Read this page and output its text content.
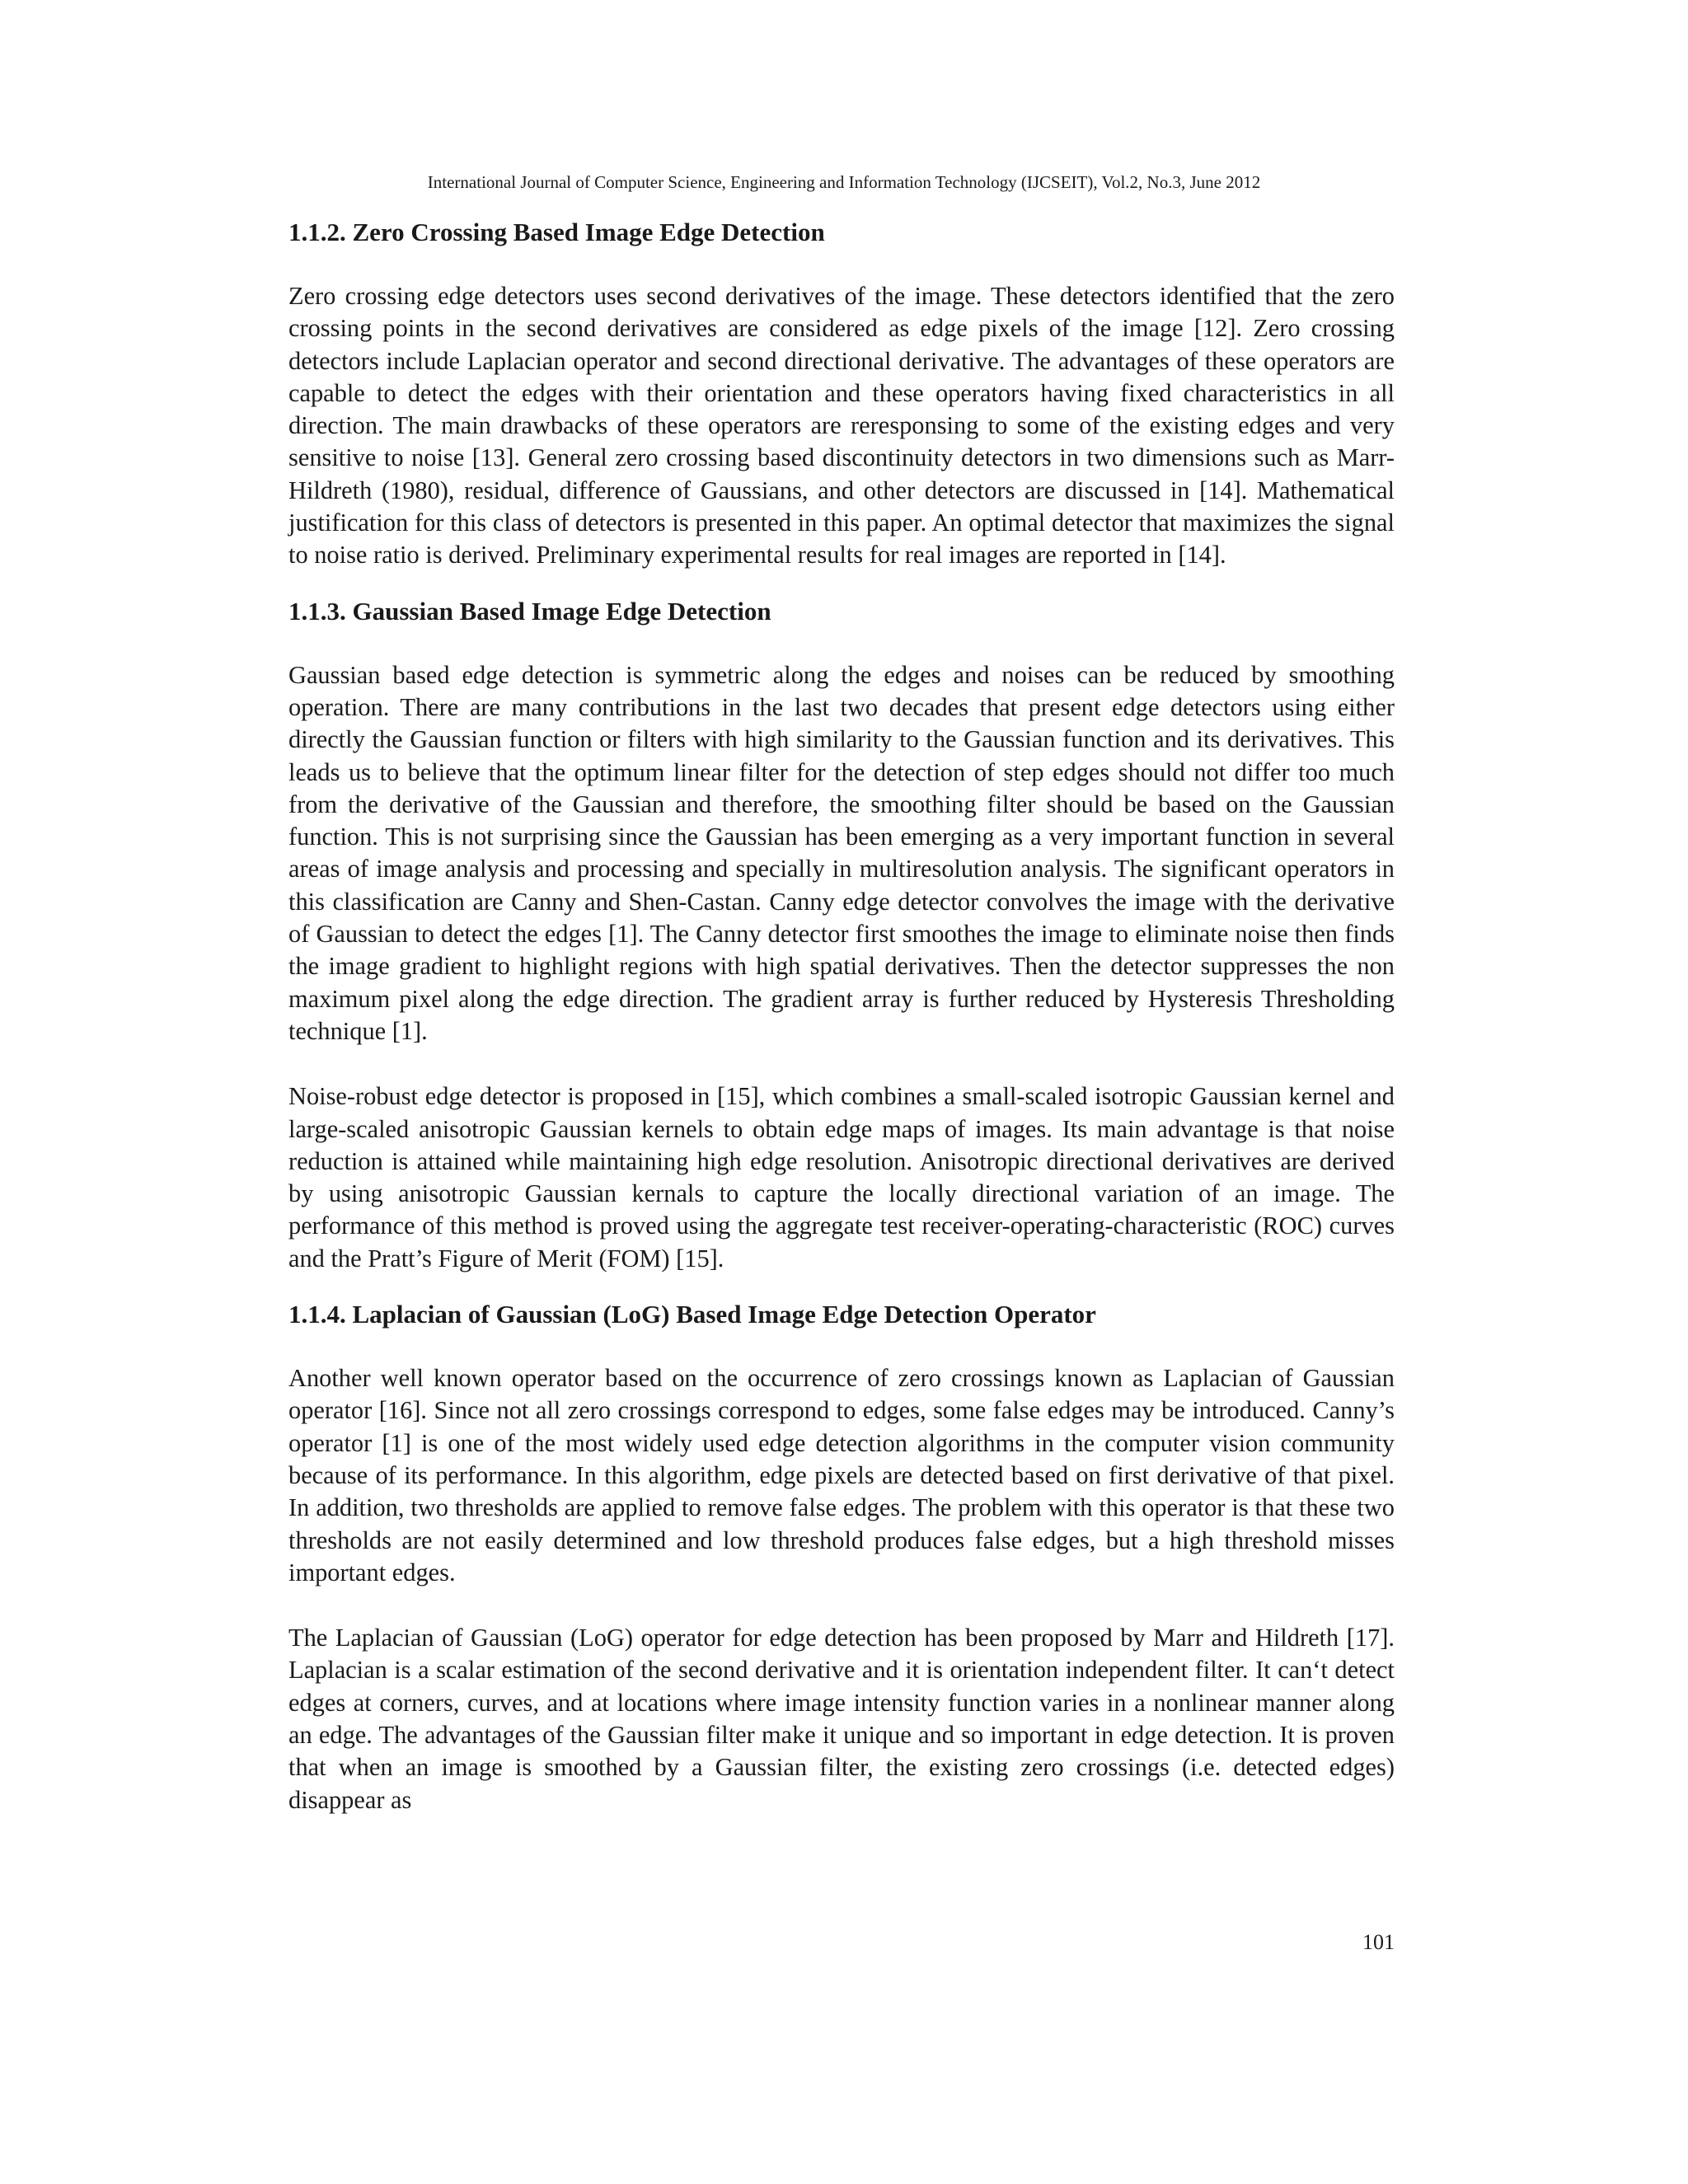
International Journal of Computer Science, Engineering and Information Technology (IJCSEIT), Vol.2, No.3, June 2012
1.1.2. Zero Crossing Based Image Edge Detection

Zero crossing edge detectors uses second derivatives of the image. These detectors identified that the zero crossing points in the second derivatives are considered as edge pixels of the image [12]. Zero crossing detectors include Laplacian operator and second directional derivative. The advantages of these operators are capable to detect the edges with their orientation and these operators having fixed characteristics in all direction. The main drawbacks of these operators are reresponsing to some of the existing edges and very sensitive to noise [13]. General zero crossing based discontinuity detectors in two dimensions such as Marr-Hildreth (1980), residual, difference of Gaussians, and other detectors are discussed in [14]. Mathematical justification for this class of detectors is presented in this paper. An optimal detector that maximizes the signal to noise ratio is derived. Preliminary experimental results for real images are reported in [14].

1.1.3. Gaussian Based Image Edge Detection

Gaussian based edge detection is symmetric along the edges and noises can be reduced by smoothing operation. There are many contributions in the last two decades that present edge detectors using either directly the Gaussian function or filters with high similarity to the Gaussian function and its derivatives. This leads us to believe that the optimum linear filter for the detection of step edges should not differ too much from the derivative of the Gaussian and therefore, the smoothing filter should be based on the Gaussian function. This is not surprising since the Gaussian has been emerging as a very important function in several areas of image analysis and processing and specially in multiresolution analysis. The significant operators in this classification are Canny and Shen-Castan. Canny edge detector convolves the image with the derivative of Gaussian to detect the edges [1]. The Canny detector first smoothes the image to eliminate noise then finds the image gradient to highlight regions with high spatial derivatives. Then the detector suppresses the non maximum pixel along the edge direction. The gradient array is further reduced by Hysteresis Thresholding technique [1].

Noise-robust edge detector is proposed in [15], which combines a small-scaled isotropic Gaussian kernel and large-scaled anisotropic Gaussian kernels to obtain edge maps of images. Its main advantage is that noise reduction is attained while maintaining high edge resolution. Anisotropic directional derivatives are derived by using anisotropic Gaussian kernals to capture the locally directional variation of an image. The performance of this method is proved using the aggregate test receiver-operating-characteristic (ROC) curves and the Pratt’s Figure of Merit (FOM) [15].

1.1.4. Laplacian of Gaussian (LoG) Based Image Edge Detection Operator

Another well known operator based on the occurrence of zero crossings known as Laplacian of Gaussian operator [16]. Since not all zero crossings correspond to edges, some false edges may be introduced. Canny’s operator [1] is one of the most widely used edge detection algorithms in the computer vision community because of its performance. In this algorithm, edge pixels are detected based on first derivative of that pixel. In addition, two thresholds are applied to remove false edges. The problem with this operator is that these two thresholds are not easily determined and low threshold produces false edges, but a high threshold misses important edges.

The Laplacian of Gaussian (LoG) operator for edge detection has been proposed by Marr and Hildreth [17]. Laplacian is a scalar estimation of the second derivative and it is orientation independent filter. It can‘t detect edges at corners, curves, and at locations where image intensity function varies in a nonlinear manner along an edge. The advantages of the Gaussian filter make it unique and so important in edge detection. It is proven that when an image is smoothed by a Gaussian filter, the existing zero crossings (i.e. detected edges) disappear as

101
